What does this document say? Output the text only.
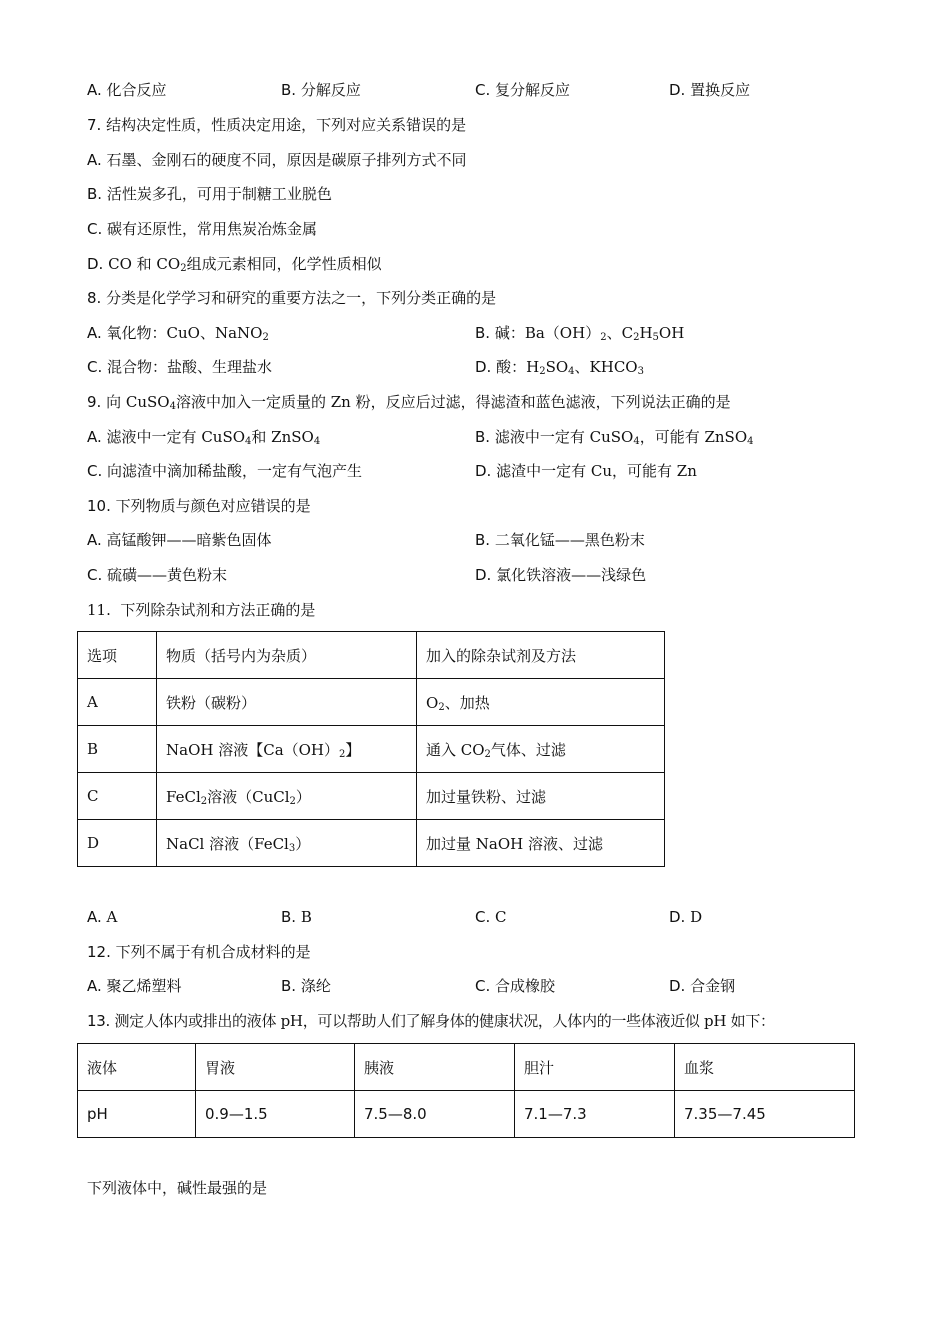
A. 化合反应	B. 分解反应	C. 复分解反应	D. 置换反应
7. 结构决定性质，性质决定用途，下列对应关系错误的是
A. 石墨、金刚石的硬度不同，原因是碳原子排列方式不同
B. 活性炭多孔，可用于制糖工业脱色
C. 碳有还原性，常用焦炭冶炼金属
D. CO 和 $CO_2$组成元素相同，化学性质相似
8. 分类是化学学习和研究的重要方法之一，下列分类正确的是
A. 氧化物：CuO、NaNO$_2$	B. 碱：$Ba(OH)_2$、$C_2H_5OH$
C. 混合物：盐酸、生理盐水	D. 酸：$H_2SO_4$、$KHCO_3$
9. 向 CuSO$_4$溶液中加入一定质量的 Zn 粉，反应后过滤，得滤渣和蓝色滤液，下列说法正确的是
A. 滤液中一定有 CuSO$_4$和 ZnSO$_4$	B. 滤液中一定有 CuSO$_4$，可能有 ZnSO$_4$
C. 向滤渣中滴加稀盐酸，一定有气泡产生	D. 滤渣中一定有 Cu，可能有 Zn
10. 下列物质与颜色对应错误的是
A. 高锰酸钾——暗紫色固体	B. 二氧化锰——黑色粉末
C. 硫磺——黄色粉末	D. 氯化铁溶液——浅绿色
11. 下列除杂试剂和方法正确的是
选项	物质（括号内为杂质）	加入的除杂试剂及方法
A	铁粉（碳粉）	$O_2$、加热
B	NaOH 溶液【$Ca(OH)_2$】	通入 $CO_2$气体、过滤
C	FeCl$_2$溶液（CuCl$_2$）	加过量铁粉、过滤
D	NaCl 溶液（FeCl$_3$）	加过量 NaOH 溶液、过滤
A. A	B. B	C. C	D. D
12. 下列不属于有机合成材料的是
A. 聚乙烯塑料	B. 涤纶	C. 合成橡胶	D. 合金钢
13. 测定人体内或排出的液体 pH，可以帮助人们了解身体的健康状况，人体内的一些体液近似 pH 如下：
液体	胃液	胰液	胆汁	血浆
pH	0.9—1.5	7.5—8.0	7.1—7.3	7.35—7.45
下列液体中，碱性最强的是
